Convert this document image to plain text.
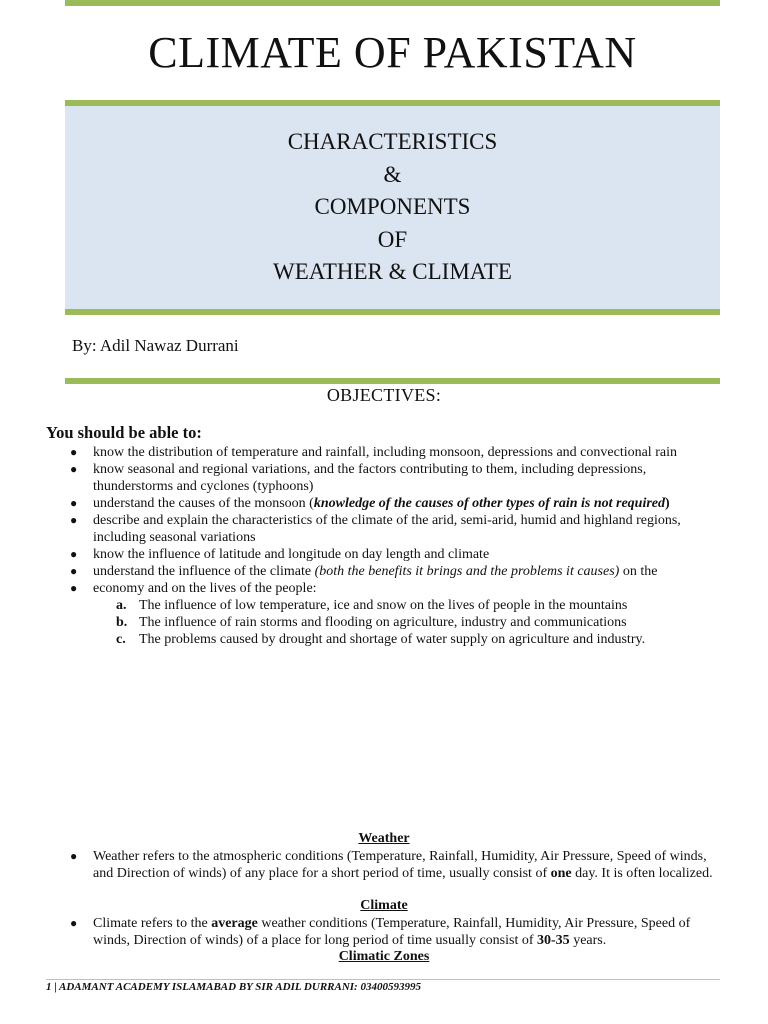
CLIMATE OF PAKISTAN
CHARACTERISTICS
&
COMPONENTS
OF
WEATHER & CLIMATE
By: Adil Nawaz Durrani
OBJECTIVES:
You should be able to:
● know the distribution of temperature and rainfall, including monsoon, depressions and convectional rain
● know seasonal and regional variations, and the factors contributing to them, including depressions, thunderstorms and cyclones (typhoons)
● understand the causes of the monsoon (knowledge of the causes of other types of rain is not required)
● describe and explain the characteristics of the climate of the arid, semi-arid, humid and highland regions, including seasonal variations
● know the influence of latitude and longitude on day length and climate
● understand the influence of the climate (both the benefits it brings and the problems it causes) on the
● economy and on the lives of the people:
a. The influence of low temperature, ice and snow on the lives of people in the mountains
b. The influence of rain storms and flooding on agriculture, industry and communications
c. The problems caused by drought and shortage of water supply on agriculture and industry.
Weather
● Weather refers to the atmospheric conditions (Temperature, Rainfall, Humidity, Air Pressure, Speed of winds, and Direction of winds) of any place for a short period of time, usually consist of one day. It is often localized.
Climate
● Climate refers to the average weather conditions (Temperature, Rainfall, Humidity, Air Pressure, Speed of winds, Direction of winds) of a place for long period of time usually consist of 30-35 years.
Climatic Zones
1 | ADAMANT ACADEMY ISLAMABAD BY SIR ADIL DURRANI: 03400593995
